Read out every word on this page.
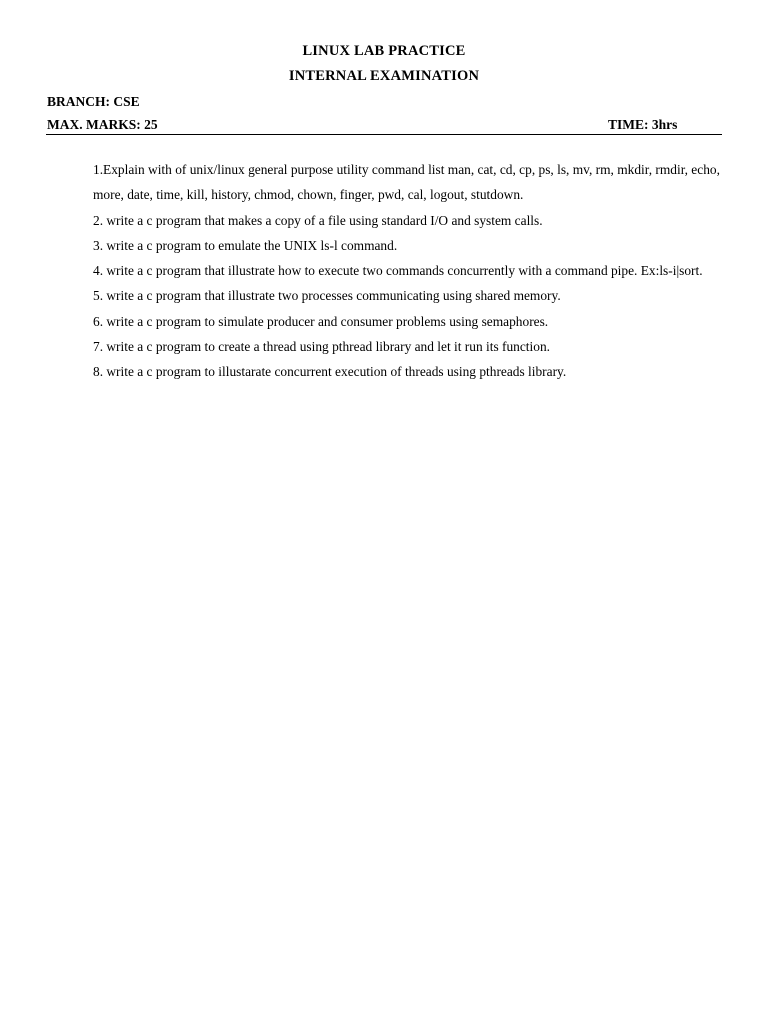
LINUX LAB PRACTICE
INTERNAL EXAMINATION
BRANCH: CSE
MAX. MARKS: 25	TIME: 3hrs
1.Explain with of unix/linux general purpose utility command list man, cat, cd, cp, ps, ls, mv, rm, mkdir, rmdir, echo, more, date, time, kill, history, chmod, chown, finger, pwd, cal, logout, stutdown.
2. write a c program that makes a copy of a file using standard I/O and system calls.
3. write a c program to emulate the UNIX ls-l command.
4. write a c program that illustrate how to execute two commands concurrently with a command pipe. Ex:ls-i|sort.
5. write a c program that illustrate two processes communicating using shared memory.
6. write a c program to simulate producer and consumer problems using semaphores.
7. write a c program to create a thread using pthread library and let it run its function.
8. write a c program to illustarate concurrent execution of threads using pthreads library.
